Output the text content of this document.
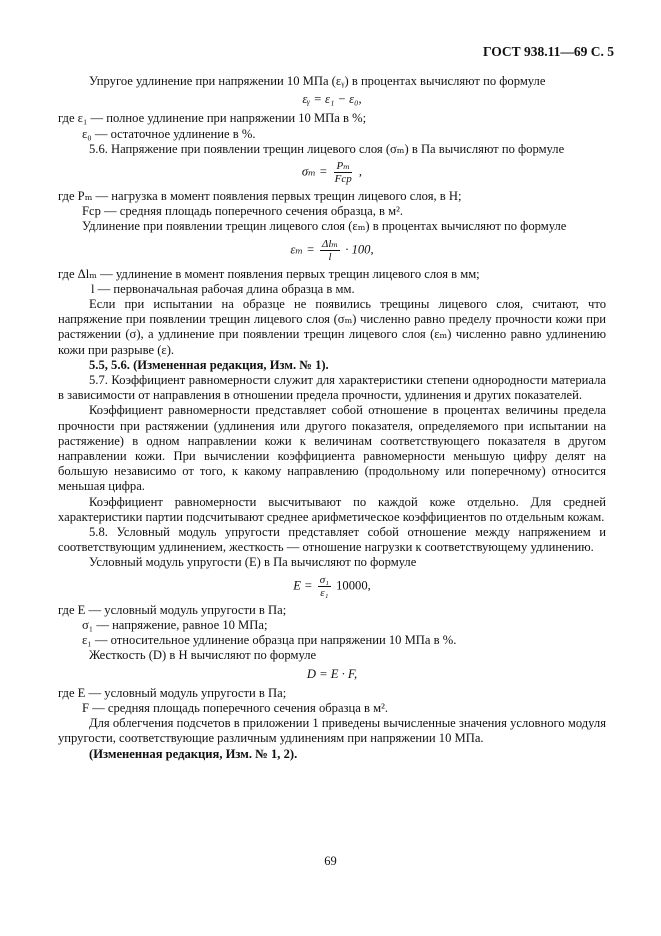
ГОСТ 938.11—69 С. 5

Упругое удлинение при напряжении 10 МПа (εᵧ) в процентах вычисляют по формуле

εᵧ = ε₁ − ε₀,

где ε₁ — полное удлинение при напряжении 10 МПа в %;

ε₀ — остаточное удлинение в %.

5.6. Напряжение при появлении трещин лицевого слоя (σₘ) в Па вычисляют по формуле

$\sigma_m = \frac{\text{Pₘ}}{\text{Fср}}$ ,

где Pₘ — нагрузка в момент появления первых трещин лицевого слоя, в Н;

Fср — средняя площадь поперечного сечения образца, в м².

Удлинение при появлении трещин лицевого слоя (εₘ) в процентах вычисляют по формуле

$\varepsilon_m = \frac{\text{Δlₘ}}{l} \cdot 100$,

где Δlₘ — удлинение в момент появления первых трещин лицевого слоя в мм;

l — первоначальная рабочая длина образца в мм.

Если при испытании на образце не появились трещины лицевого слоя, считают, что напряжение при появлении трещин лицевого слоя (σₘ) численно равно пределу прочности кожи при растяжении (σ), а удлинение при появлении трещин лицевого слоя (εₘ) численно равно удлинению кожи при разрыве (ε).

5.5, 5.6. (Измененная редакция, Изм. № 1).

5.7. Коэффициент равномерности служит для характеристики степени однородности материала в зависимости от направления в отношении предела прочности, удлинения и других показателей.

Коэффициент равномерности представляет собой отношение в процентах величины предела прочности при растяжении (удлинения или другого показателя, определяемого при испытании на растяжение) в одном направлении кожи к величинам соответствующего показателя в другом направлении кожи. При вычислении коэффициента равномерности меньшую цифру делят на большую независимо от того, к какому направлению (продольному или поперечному) относится меньшая цифра.

Коэффициент равномерности высчитывают по каждой коже отдельно. Для средней характеристики партии подсчитывают среднее арифметическое коэффициентов по отдельным кожам.

5.8. Условный модуль упругости представляет собой отношение между напряжением и соответствующим удлинением, жесткость — отношение нагрузки к соответствующему удлинению.

Условный модуль упругости (E) в Па вычисляют по формуле

$E = \frac{\text{σ₁}}{\text{ε₁}} 10000$,

где E — условный модуль упругости в Па;

σ₁ — напряжение, равное 10 МПа;

ε₁ — относительное удлинение образца при напряжении 10 МПа в %.

Жесткость (D) в Н вычисляют по формуле

D = E · F,

где E — условный модуль упругости в Па;

F — средняя площадь поперечного сечения образца в м².

Для облегчения подсчетов в приложении 1 приведены вычисленные значения условного модуля упругости, соответствующие различным удлинениям при напряжении 10 МПа.

(Измененная редакция, Изм. № 1, 2).

69
